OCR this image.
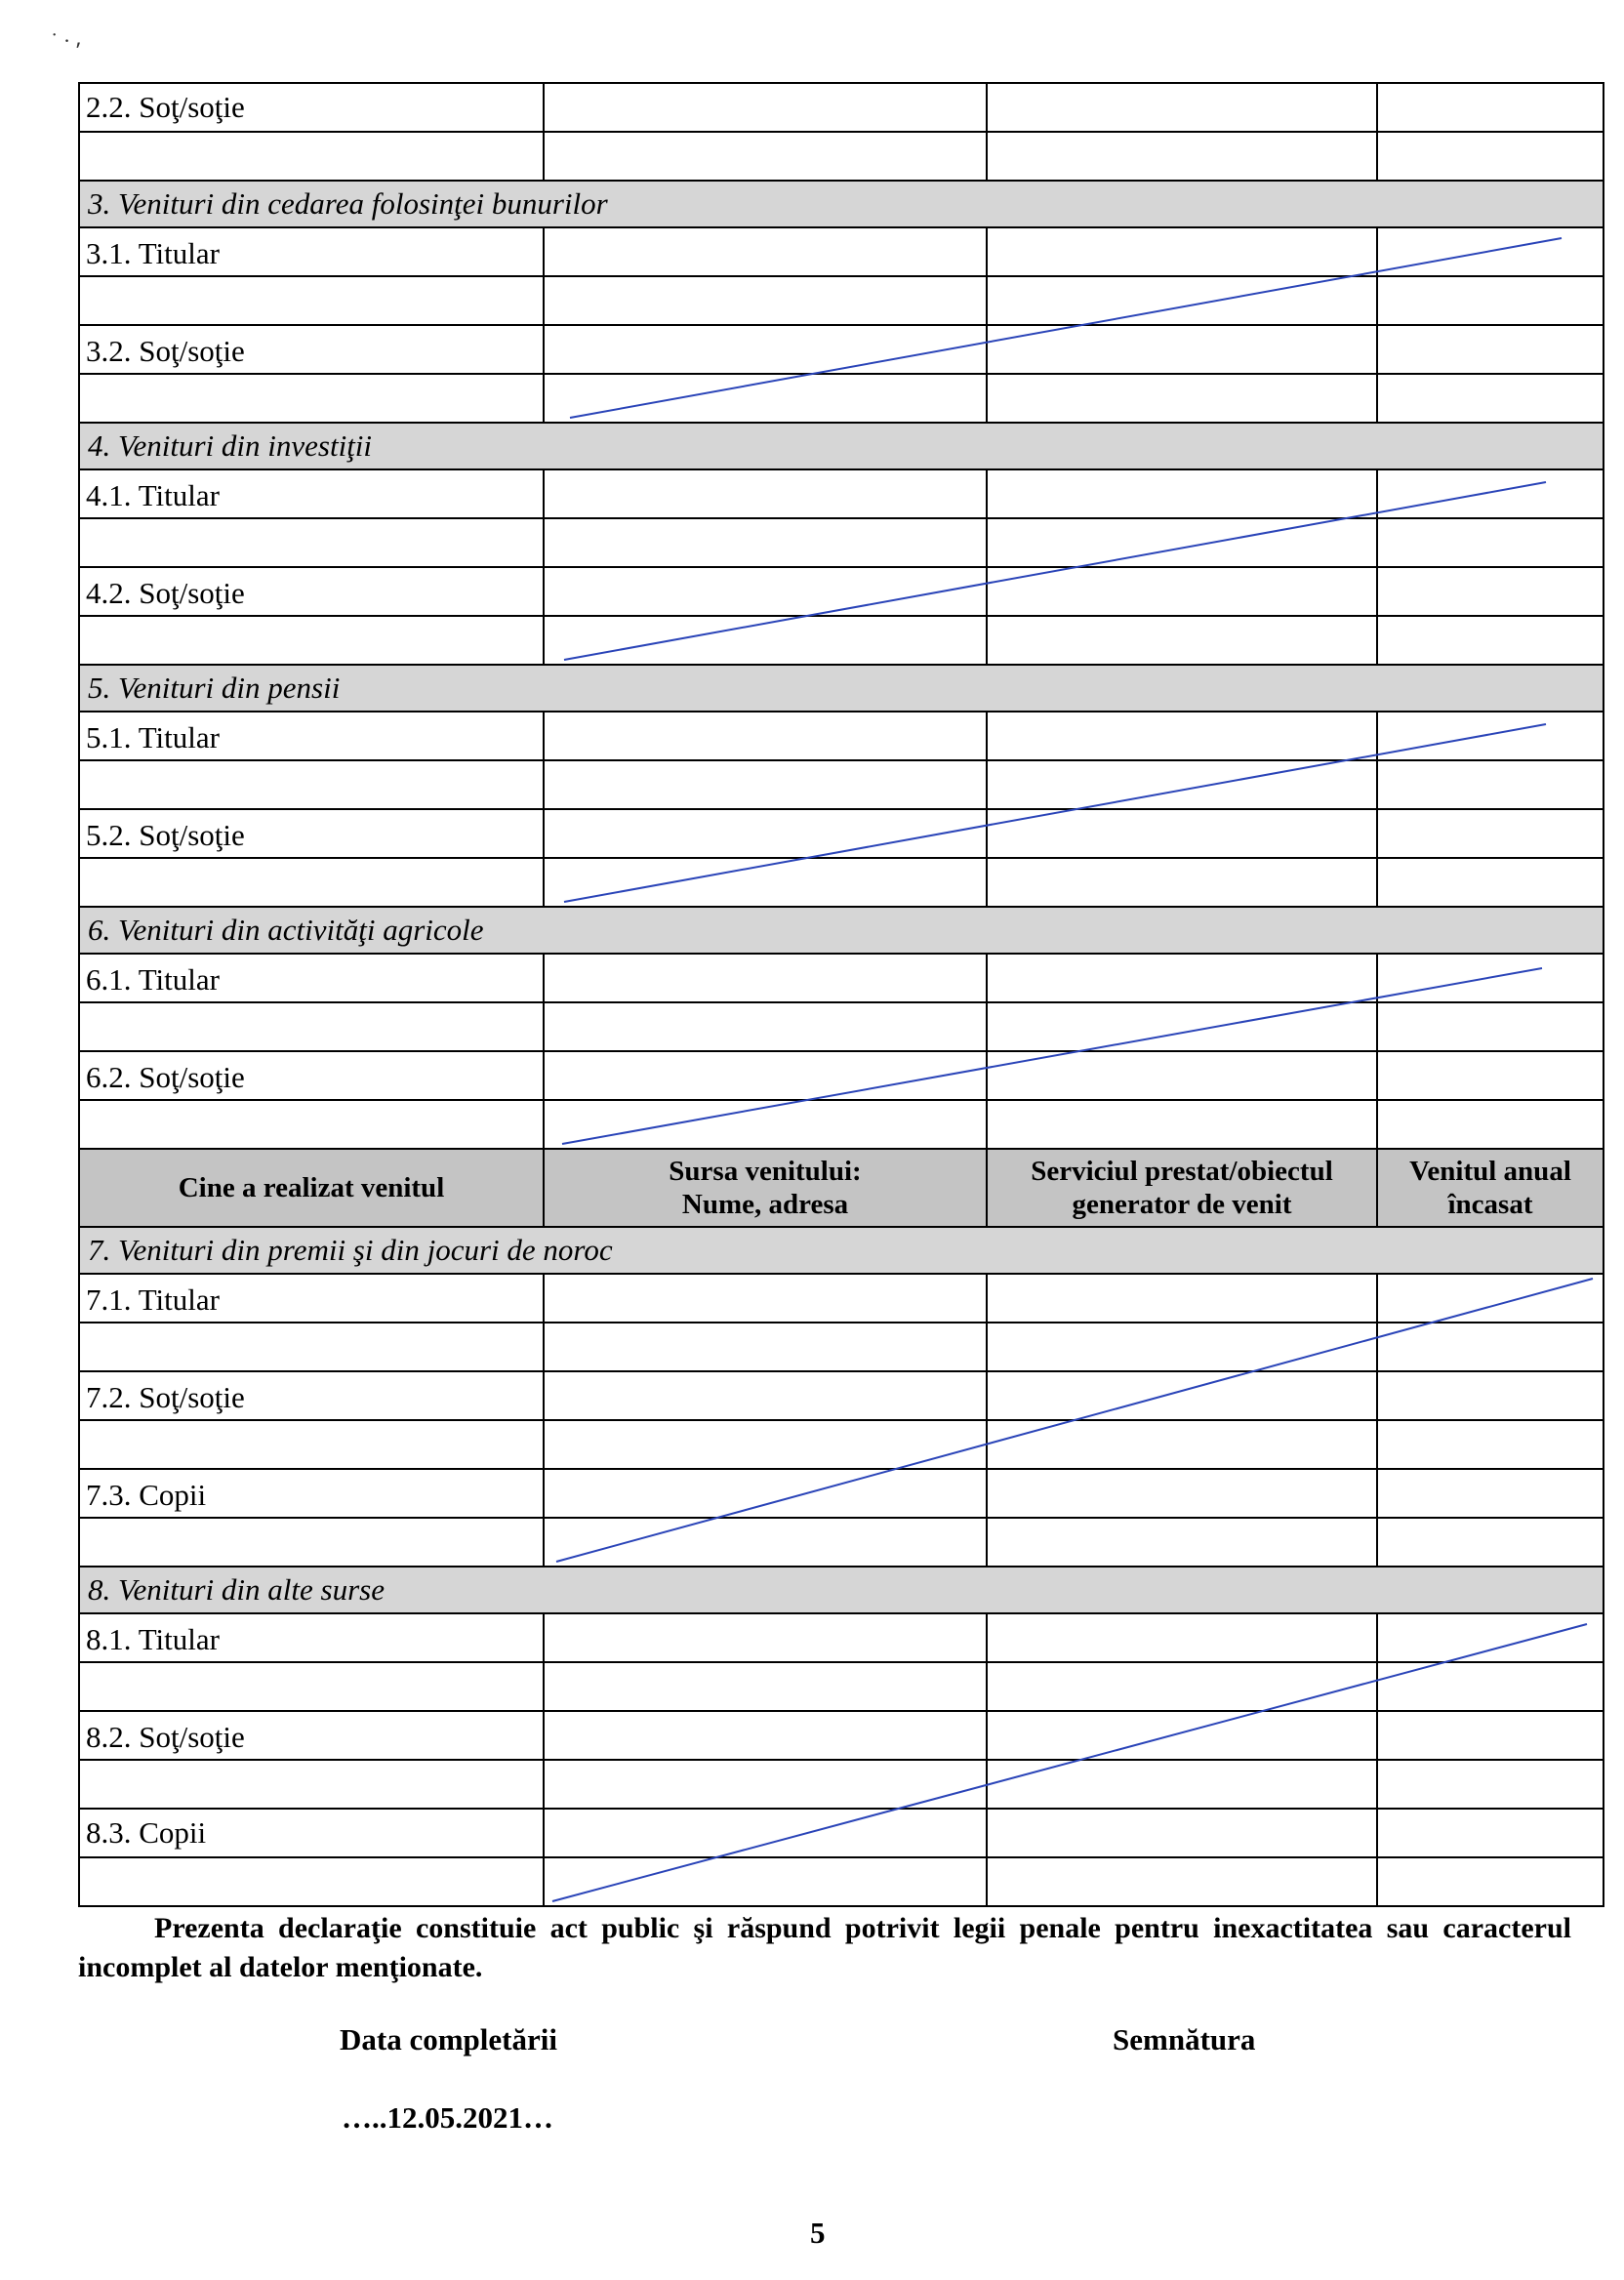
˙ · ⸴
2.2. Soţ/soţie
3. Venituri din cedarea folosinţei bunurilor
3.1. Titular
3.2. Soţ/soţie
4. Venituri din investiţii
4.1. Titular
4.2. Soţ/soţie
5. Venituri din pensii
5.1. Titular
5.2. Soţ/soţie
6. Venituri din activităţi agricole
6.1. Titular
6.2. Soţ/soţie
Cine a realizat venitul
Sursa venitului:
Nume, adresa
Serviciul prestat/obiectul
generator de venit
Venitul anual
încasat
7. Venituri din premii şi din jocuri de noroc
7.1. Titular
7.2. Soţ/soţie
7.3. Copii
8. Venituri din alte surse
8.1. Titular
8.2. Soţ/soţie
8.3. Copii
Prezenta declaraţie constituie act public şi răspund potrivit legii penale pentru inexactitatea sau caracterul incomplet al datelor menţionate.
Data completării	Semnătura
…..12.05.2021…
5
